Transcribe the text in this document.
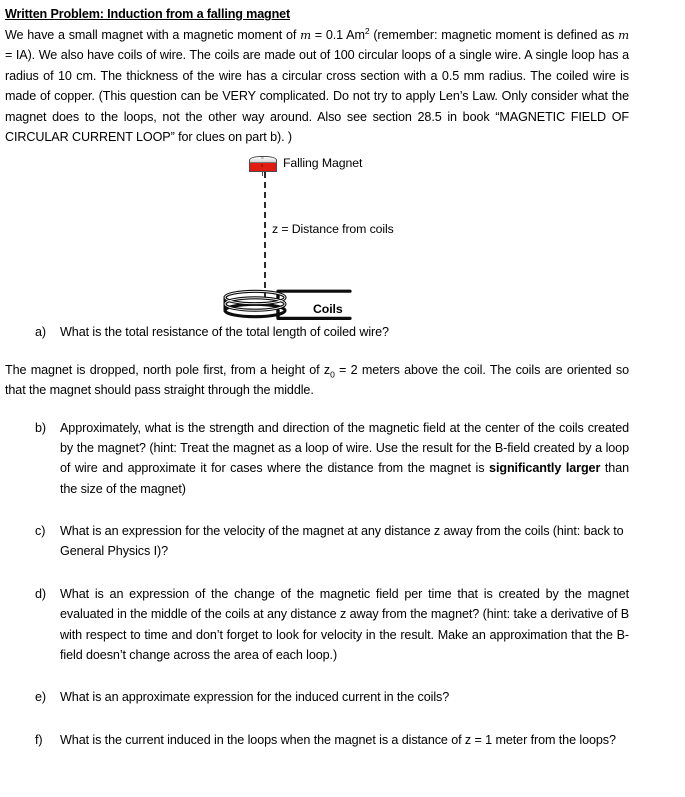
Written Problem: Induction from a falling magnet

We have a small magnet with a magnetic moment of m = 0.1 Am$^2$ (remember: magnetic moment is defined as m = IA). We also have coils of wire. The coils are made out of 100 circular loops of a single wire. A single loop has a radius of 10 cm. The thickness of the wire has a circular cross section with a 0.5 mm radius. The coiled wire is made of copper. (This question can be VERY complicated. Do not try to apply Len’s Law. Only consider what the magnet does to the loops, not the other way around. Also see section 28.5 in book “MAGNETIC FIELD OF CIRCULAR CURRENT LOOP” for clues on part b). )

N
S Falling Magnet
z = Distance from coils
Coils
a)	What is the total resistance of the total length of coiled wire?

The magnet is dropped, north pole first, from a height of $z_0 = 2$ meters above the coil. The coils are oriented so that the magnet should pass straight through the middle.

b)	Approximately, what is the strength and direction of the magnetic field at the center of the coils created by the magnet? (hint: Treat the magnet as a loop of wire. Use the result for the B-field created by a loop of wire and approximate it for cases where the distance from the magnet is significantly larger than the size of the magnet)
c)	What is an expression for the velocity of the magnet at any distance z away from the coils (hint: back to General Physics I)?
d)	What is an expression of the change of the magnetic field per time that is created by the magnet evaluated in the middle of the coils at any distance z away from the magnet? (hint: take a derivative of B with respect to time and don’t forget to look for velocity in the result. Make an approximation that the B-field doesn’t change across the area of each loop.)
e)	What is an approximate expression for the induced current in the coils?
f)	What is the current induced in the loops when the magnet is a distance of z = 1 meter from the loops?
